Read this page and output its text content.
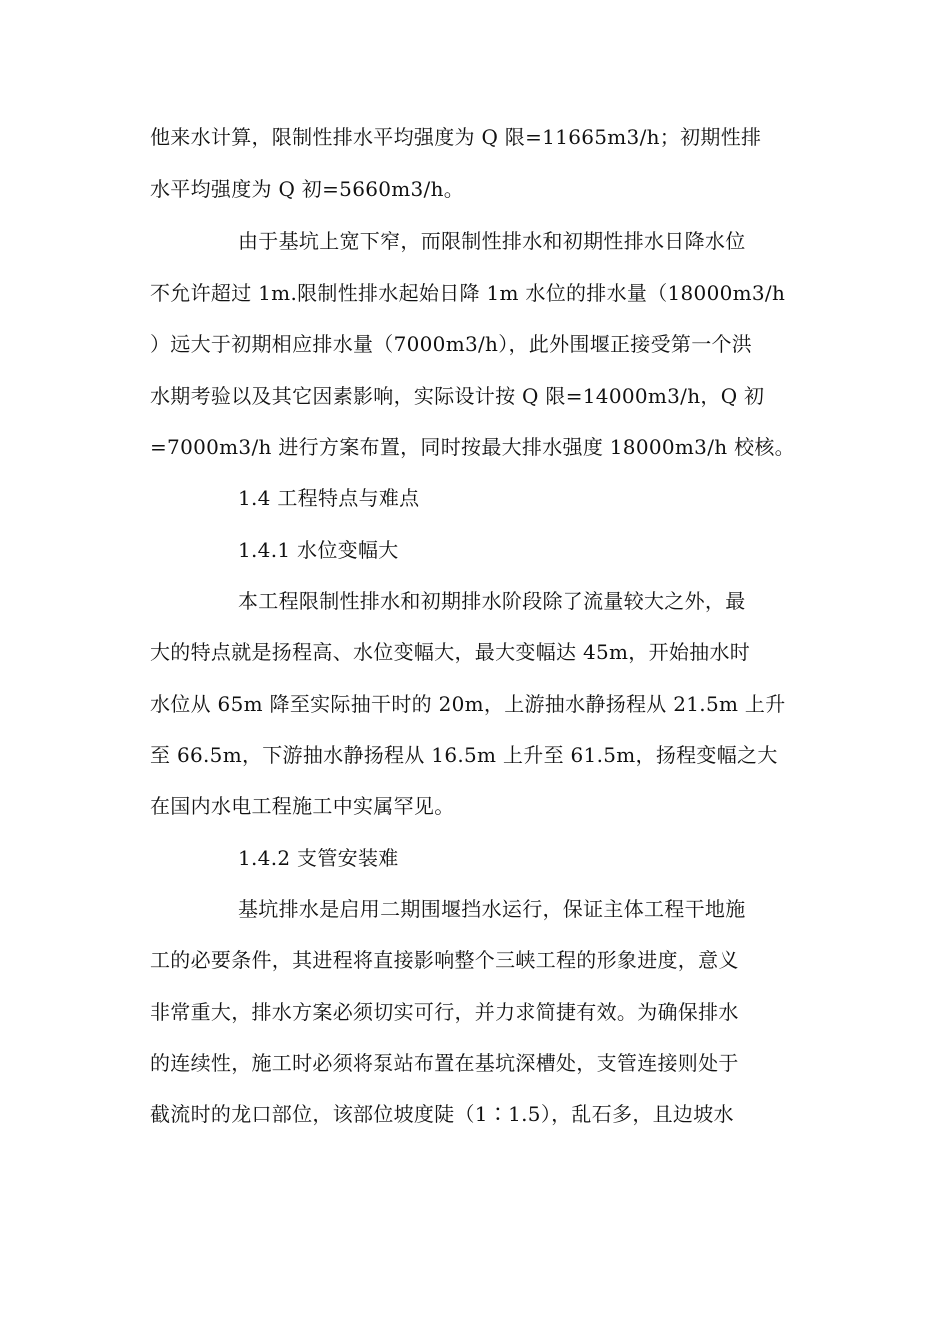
他来水计算，限制性排水平均强度为 Q 限=11665m3/h；初期性排
水平均强度为 Q 初=5660m3/h。
由于基坑上宽下窄，而限制性排水和初期性排水日降水位
不允许超过 1m.限制性排水起始日降 1m 水位的排水量（18000m3/h
）远大于初期相应排水量（7000m3/h），此外围堰正接受第一个洪
水期考验以及其它因素影响，实际设计按 Q 限=14000m3/h，Q 初
=7000m3/h 进行方案布置，同时按最大排水强度 18000m3/h 校核。
1.4 工程特点与难点
1.4.1 水位变幅大
本工程限制性排水和初期排水阶段除了流量较大之外，最
大的特点就是扬程高、水位变幅大，最大变幅达 45m，开始抽水时
水位从 65m 降至实际抽干时的 20m，上游抽水静扬程从 21.5m 上升
至 66.5m，下游抽水静扬程从 16.5m 上升至 61.5m，扬程变幅之大
在国内水电工程施工中实属罕见。
1.4.2 支管安装难
基坑排水是启用二期围堰挡水运行，保证主体工程干地施
工的必要条件，其进程将直接影响整个三峡工程的形象进度，意义
非常重大，排水方案必须切实可行，并力求简捷有效。为确保排水
的连续性，施工时必须将泵站布置在基坑深槽处，支管连接则处于
截流时的龙口部位，该部位坡度陡（1∶1.5），乱石多，且边坡水
